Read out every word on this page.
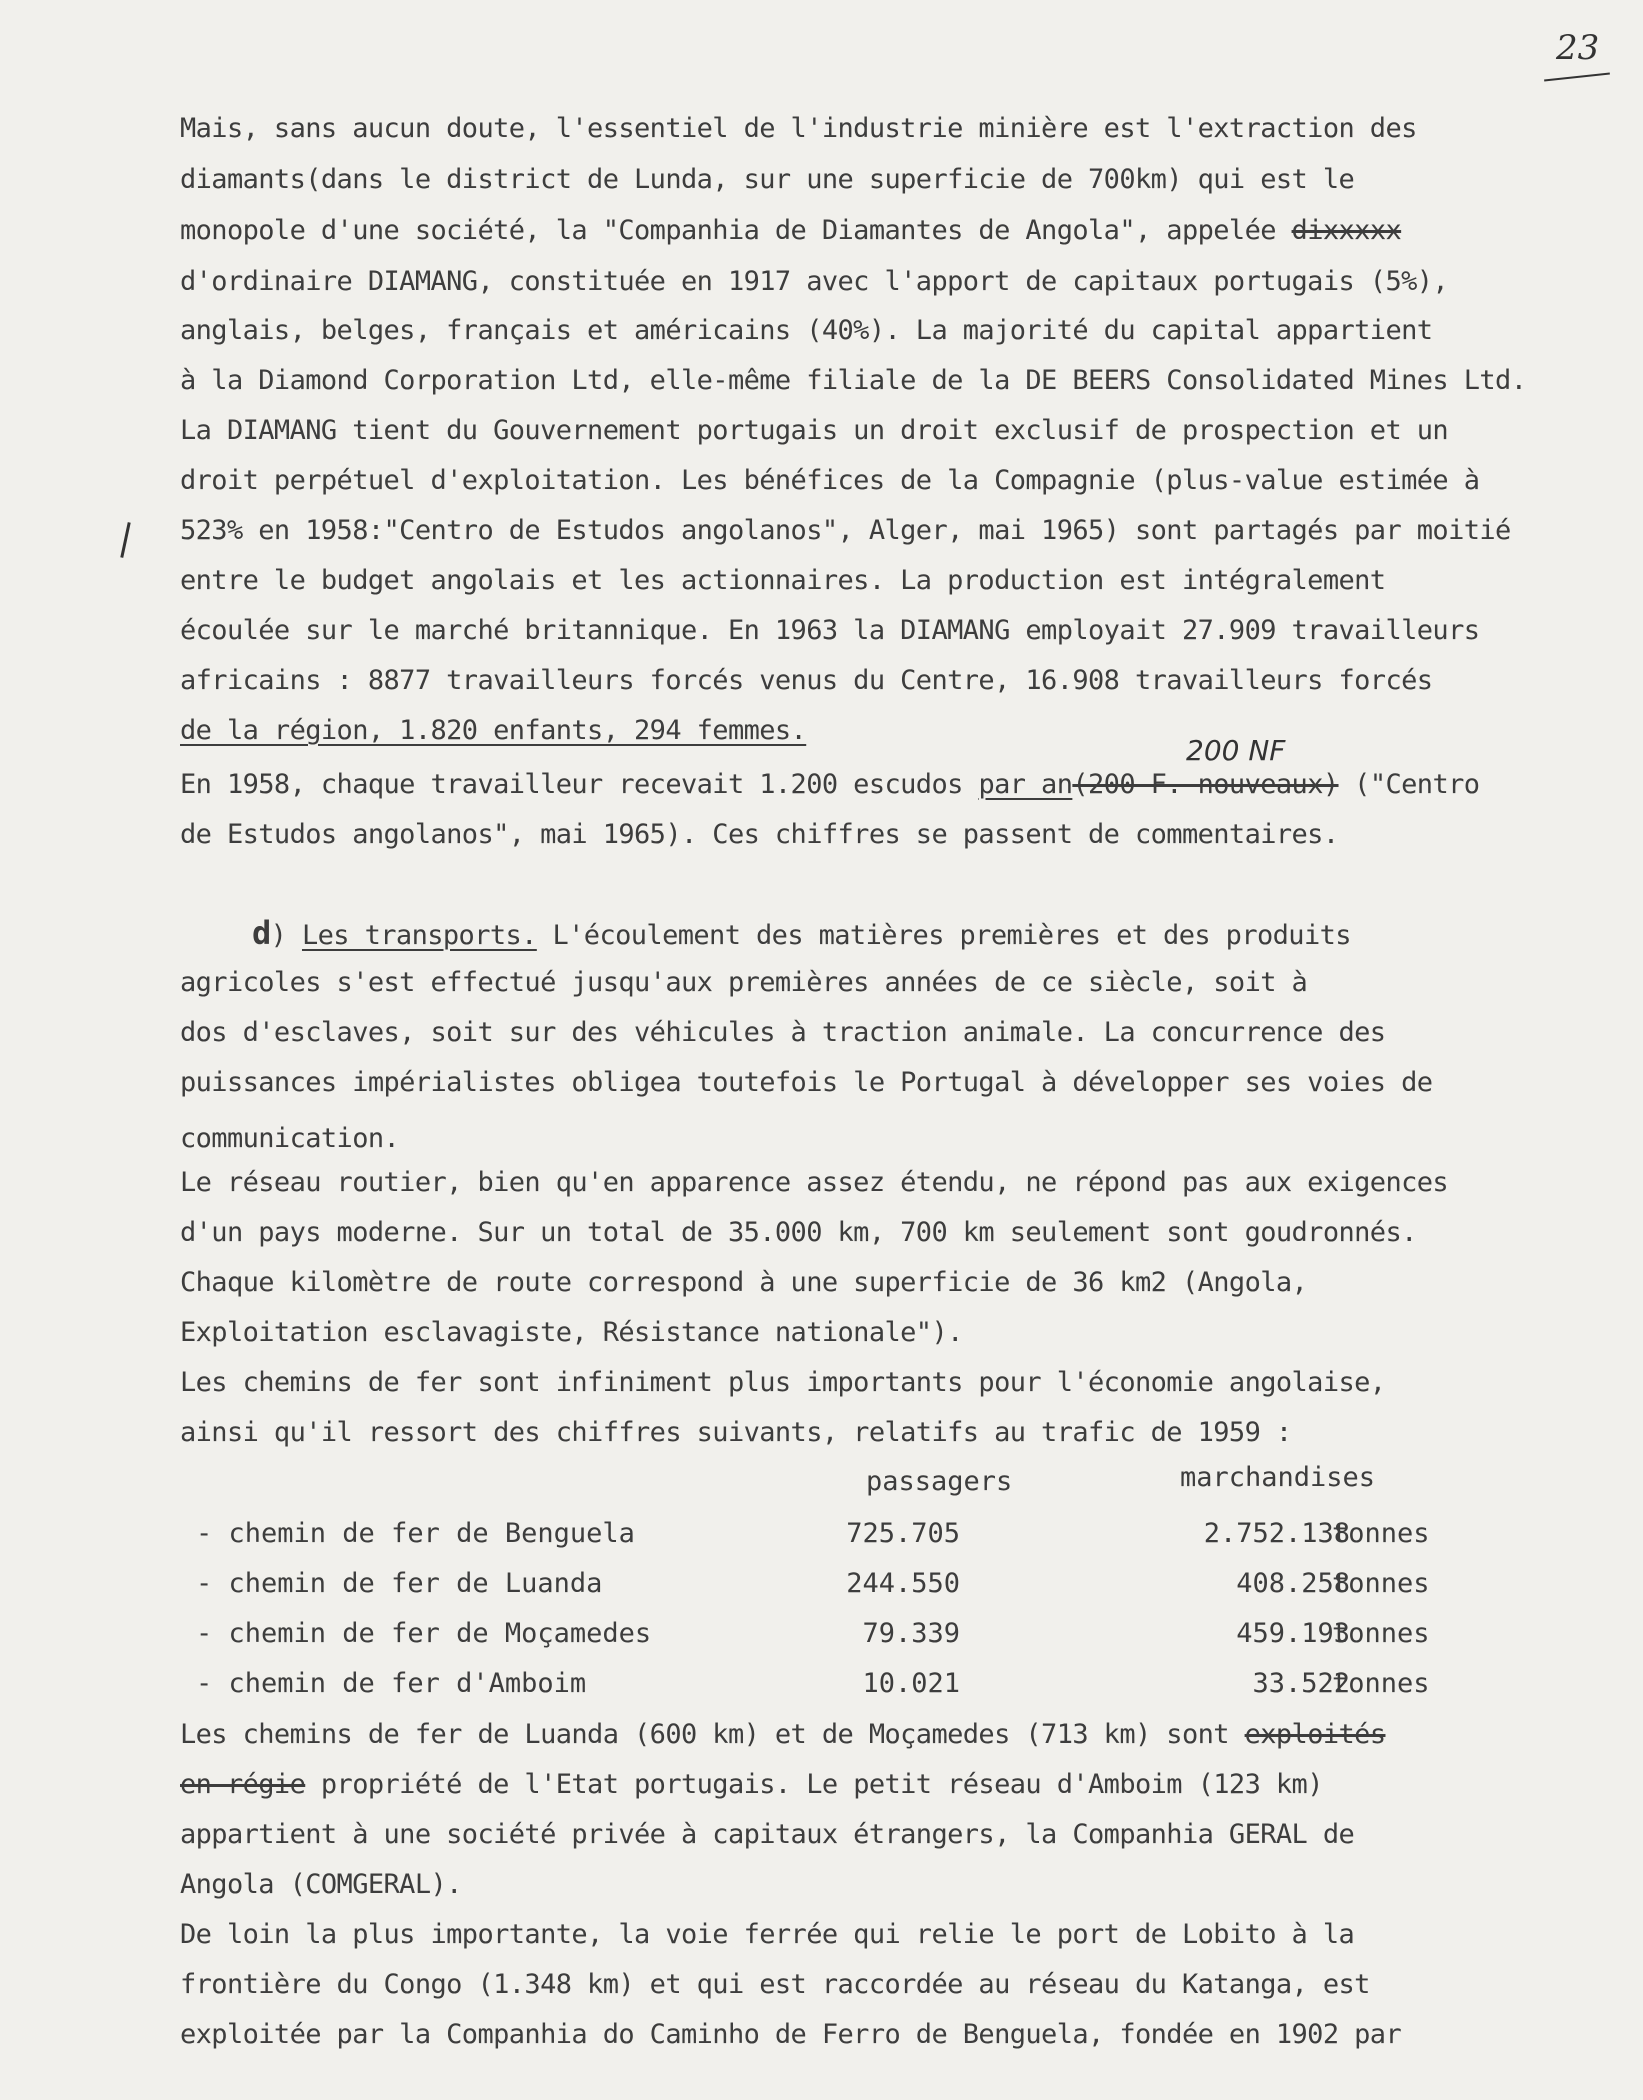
23
Mais, sans aucun doute, l'essentiel de l'industrie minière est l'extraction des
diamants(dans le district de Lunda, sur une superficie de 700km) qui est le
monopole d'une société, la "Companhia de Diamantes de Angola", appelée dixxxxx
d'ordinaire DIAMANG, constituée en 1917 avec l'apport de capitaux portugais (5%),
anglais, belges, français et américains (40%). La majorité du capital appartient
à la Diamond Corporation Ltd, elle-même filiale de la DE BEERS Consolidated Mines Ltd.
La DIAMANG tient du Gouvernement portugais un droit exclusif de prospection et un
droit perpétuel d'exploitation. Les bénéfices de la Compagnie (plus-value estimée à
523% en 1958:"Centro de Estudos angolanos", Alger, mai 1965) sont partagés par moitié
entre le budget angolais et les actionnaires. La production est intégralement
écoulée sur le marché britannique. En 1963 la DIAMANG employait 27.909 travailleurs
africains : 8877 travailleurs forcés venus du Centre, 16.908 travailleurs forcés
de la région, 1.820 enfants, 294 femmes.
200 NF
En 1958, chaque travailleur recevait 1.200 escudos par an(200 F. nouveaux) ("Centro
de Estudos angolanos", mai 1965). Ces chiffres se passent de commentaires.
d) Les transports. L'écoulement des matières premières et des produits
agricoles s'est effectué jusqu'aux premières années de ce siècle, soit à
dos d'esclaves, soit sur des véhicules à traction animale. La concurrence des
puissances impérialistes obligea toutefois le Portugal à développer ses voies de
communication.
Le réseau routier, bien qu'en apparence assez étendu, ne répond pas aux exigences
d'un pays moderne. Sur un total de 35.000 km, 700 km seulement sont goudronnés.
Chaque kilomètre de route correspond à une superficie de 36 km2 (Angola,
Exploitation esclavagiste, Résistance nationale").
Les chemins de fer sont infiniment plus importants pour l'économie angolaise,
ainsi qu'il ressort des chiffres suivants, relatifs au trafic de 1959 :
passagers	marchandises
- chemin de fer de Benguela	725.705	2.752.138
tonnes
- chemin de fer de Luanda	244.550	408.258
tonnes
- chemin de fer de Moçamedes	79.339	459.193
tonnes
- chemin de fer d'Amboim	10.021	33.522
tonnes
Les chemins de fer de Luanda (600 km) et de Moçamedes (713 km) sont exploités
en régie propriété de l'Etat portugais. Le petit réseau d'Amboim (123 km)
appartient à une société privée à capitaux étrangers, la Companhia GERAL de
Angola (COMGERAL).
De loin la plus importante, la voie ferrée qui relie le port de Lobito à la
frontière du Congo (1.348 km) et qui est raccordée au réseau du Katanga, est
exploitée par la Companhia do Caminho de Ferro de Benguela, fondée en 1902 par
